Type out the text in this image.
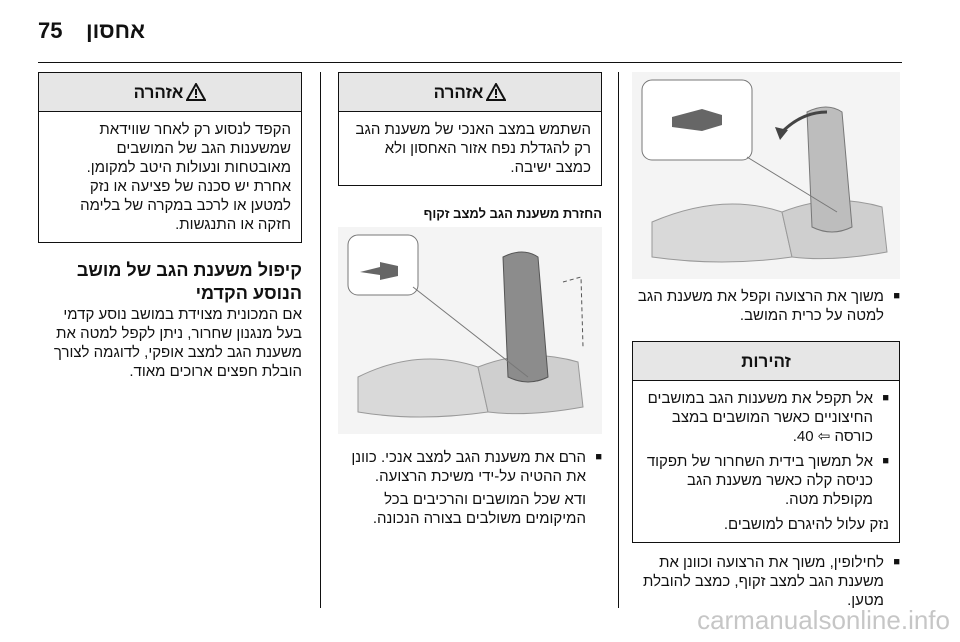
75 אחסון
אזהרה
הקפד לנסוע רק לאחר שווידאת שמשענות הגב של המושבים מאובטחות ונעולות היטב למקומן. אחרת יש סכנה של פציעה או נזק למטען או לרכב במקרה של בלימה חזקה או התנגשות.
קיפול משענת הגב של מושב הנוסע הקדמי

אם המכונית מצוידת במושב נוסע קדמי בעל מנגנון שחרור, ניתן לקפל למטה את משענת הגב למצב אופקי, לדוגמה לצורך הובלת חפצים ארוכים מאוד.

אזהרה
השתמש במצב האנכי של משענת הגב רק להגדלת נפח אזור האחסון ולא כמצב ישיבה.
החזרת משענת הגב למצב זקוף
■ הרם את משענת הגב למצב אנכי. כוונן את ההטיה על-ידי משיכת הרצועה.
ודא שכל המושבים והרכיבים בכל המיקומים משולבים בצורה הנכונה.
■ משוך את הרצועה וקפל את משענת הגב למטה על כרית המושב.
זהירות
■ אל תקפל את משענות הגב במושבים החיצוניים כאשר המושבים במצב כורסה ⇦ 40.
■ אל תמשוך בידית השחרור של תפקוד כניסה קלה כאשר משענת הגב מקופלת מטה.
נזק עלול להיגרם למושבים.
■ לחילופין, משוך את הרצועה וכוונן את משענת הגב למצב זקוף, כמצב להובלת מטען.
carmanualsonline.info
